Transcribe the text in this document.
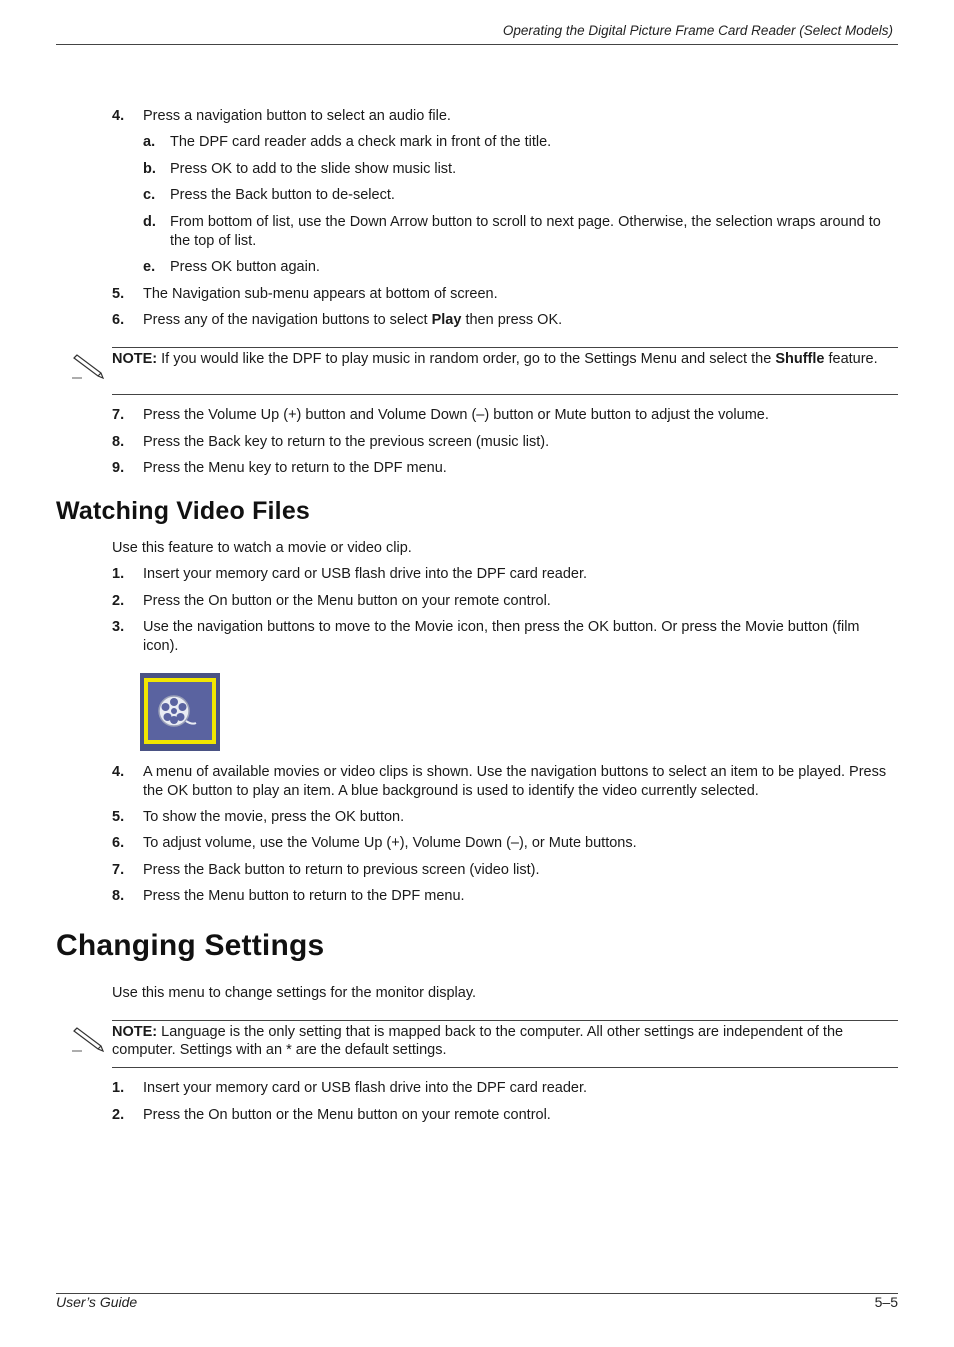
Operating the Digital Picture Frame Card Reader (Select Models)
4. Press a navigation button to select an audio file.
a. The DPF card reader adds a check mark in front of the title.
b. Press OK to add to the slide show music list.
c. Press the Back button to de-select.
d. From bottom of list, use the Down Arrow button to scroll to next page. Otherwise, the selection wraps around to the top of list.
e. Press OK button again.
5. The Navigation sub-menu appears at bottom of screen.
6. Press any of the navigation buttons to select Play then press OK.
NOTE: If you would like the DPF to play music in random order, go to the Settings Menu and select the Shuffle feature.
7. Press the Volume Up (+) button and Volume Down (–) button or Mute button to adjust the volume.
8. Press the Back key to return to the previous screen (music list).
9. Press the Menu key to return to the DPF menu.
Watching Video Files
Use this feature to watch a movie or video clip.
1. Insert your memory card or USB flash drive into the DPF card reader.
2. Press the On button or the Menu button on your remote control.
3. Use the navigation buttons to move to the Movie icon, then press the OK button. Or press the Movie button (film icon).
4. A menu of available movies or video clips is shown. Use the navigation buttons to select an item to be played. Press the OK button to play an item. A blue background is used to identify the video currently selected.
5. To show the movie, press the OK button.
6. To adjust volume, use the Volume Up (+), Volume Down (–), or Mute buttons.
7. Press the Back button to return to previous screen (video list).
8. Press the Menu button to return to the DPF menu.
Changing Settings
Use this menu to change settings for the monitor display.
NOTE: Language is the only setting that is mapped back to the computer. All other settings are independent of the computer. Settings with an * are the default settings.
1. Insert your memory card or USB flash drive into the DPF card reader.
2. Press the On button or the Menu button on your remote control.
User’s Guide	5–5
